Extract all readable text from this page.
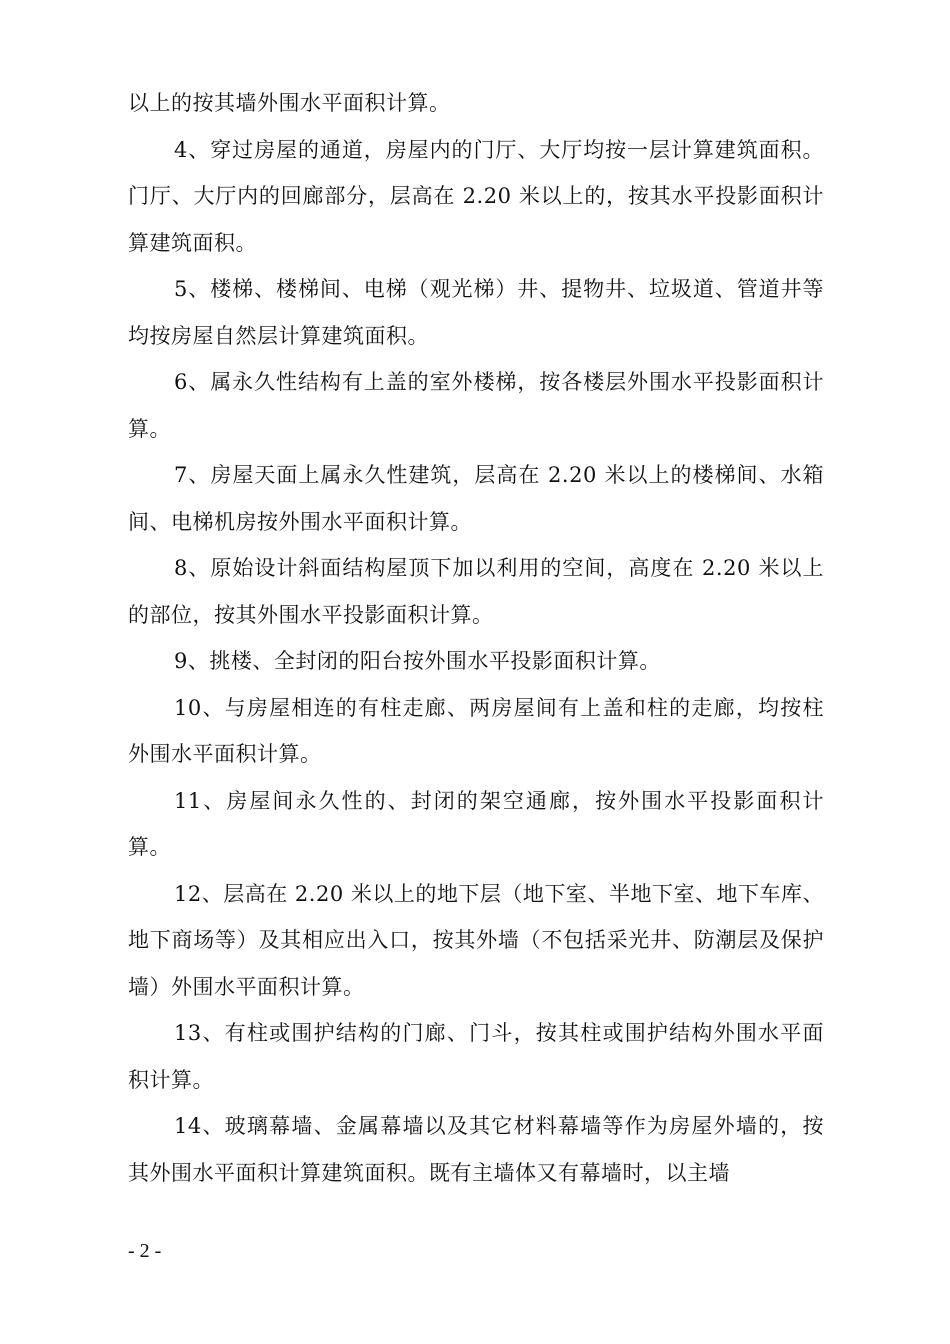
以上的按其墙外围水平面积计算。

4、穿过房屋的通道，房屋内的门厅、大厅均按一层计算建筑面积。门厅、大厅内的回廊部分，层高在 2.20 米以上的，按其水平投影面积计算建筑面积。

5、楼梯、楼梯间、电梯（观光梯）井、提物井、垃圾道、管道井等均按房屋自然层计算建筑面积。

6、属永久性结构有上盖的室外楼梯，按各楼层外围水平投影面积计算。

7、房屋天面上属永久性建筑，层高在 2.20 米以上的楼梯间、水箱间、电梯机房按外围水平面积计算。

8、原始设计斜面结构屋顶下加以利用的空间，高度在 2.20 米以上的部位，按其外围水平投影面积计算。

9、挑楼、全封闭的阳台按外围水平投影面积计算。

10、与房屋相连的有柱走廊、两房屋间有上盖和柱的走廊，均按柱外围水平面积计算。

11、房屋间永久性的、封闭的架空通廊，按外围水平投影面积计算。

12、层高在 2.20 米以上的地下层（地下室、半地下室、地下车库、地下商场等）及其相应出入口，按其外墙（不包括采光井、防潮层及保护墙）外围水平面积计算。

13、有柱或围护结构的门廊、门斗，按其柱或围护结构外围水平面积计算。

14、玻璃幕墙、金属幕墙以及其它材料幕墙等作为房屋外墙的，按其外围水平面积计算建筑面积。既有主墙体又有幕墙时，以主墙

- 2 -
